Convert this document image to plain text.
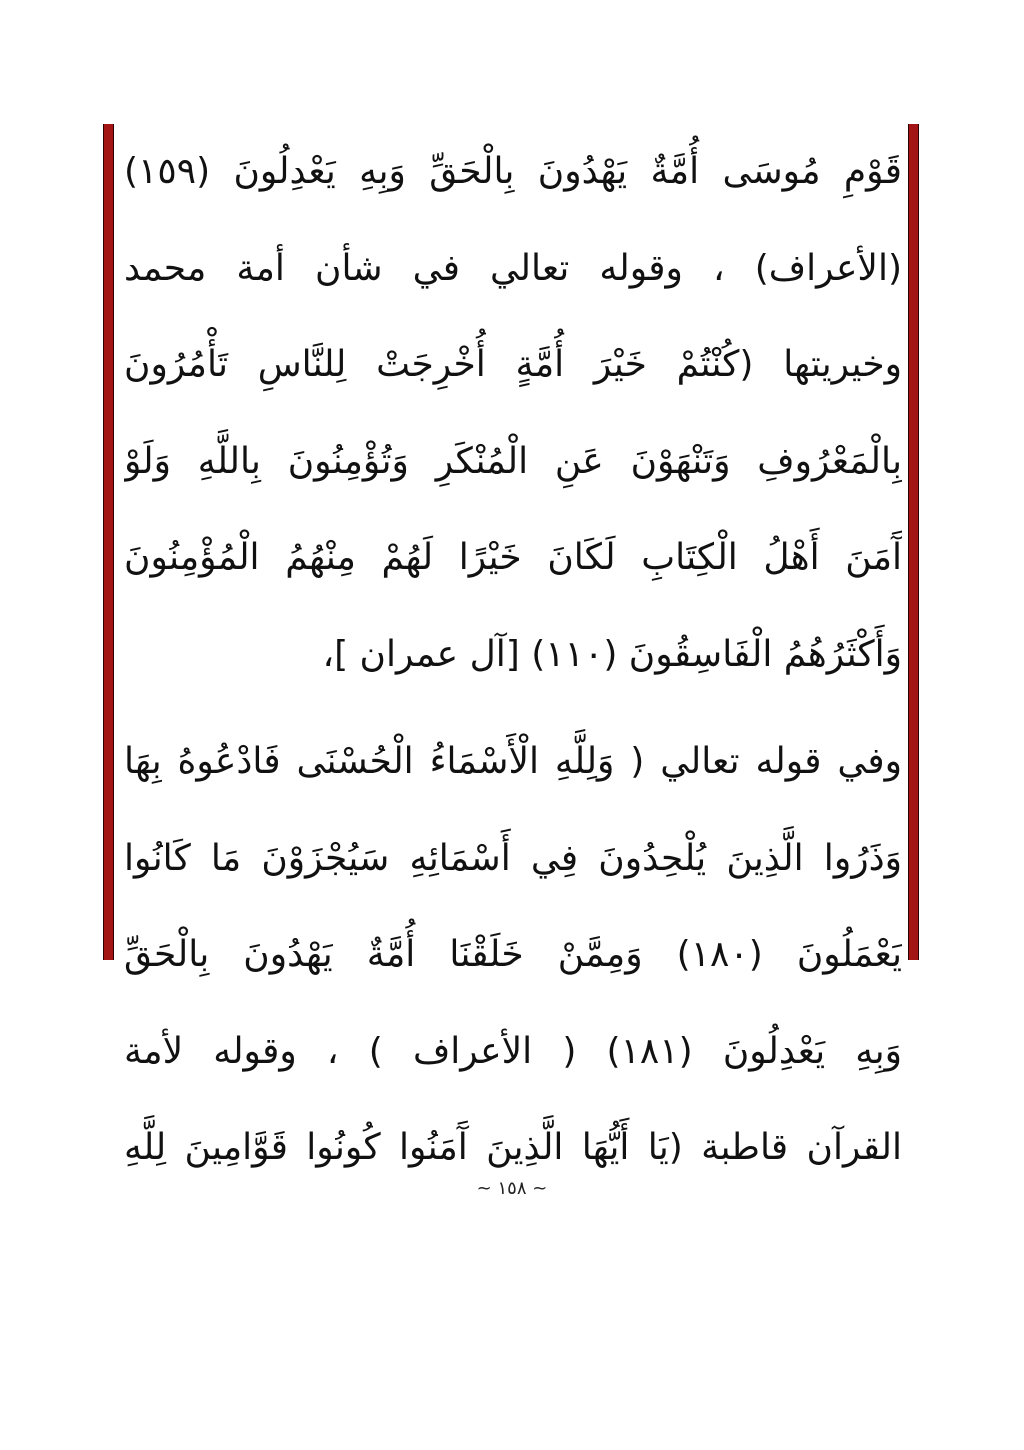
قَوْمِ مُوسَى أُمَّةٌ يَهْدُونَ بِالْحَقِّ وَبِهِ يَعْدِلُونَ (١٥٩)
(الأعراف) ، وقوله تعالي في شأن أمة محمد
وخيريتها (كُنْتُمْ خَيْرَ أُمَّةٍ أُخْرِجَتْ لِلنَّاسِ تَأْمُرُونَ
بِالْمَعْرُوفِ وَتَنْهَوْنَ عَنِ الْمُنْكَرِ وَتُؤْمِنُونَ بِاللَّهِ وَلَوْ
آَمَنَ أَهْلُ الْكِتَابِ لَكَانَ خَيْرًا لَهُمْ مِنْهُمُ الْمُؤْمِنُونَ
وَأَكْثَرُهُمُ الْفَاسِقُونَ (١١٠) [آل عمران ]،
وفي قوله تعالي ( وَلِلَّهِ الْأَسْمَاءُ الْحُسْنَى فَادْعُوهُ بِهَا
وَذَرُوا الَّذِينَ يُلْحِدُونَ فِي أَسْمَائِهِ سَيُجْزَوْنَ مَا كَانُوا
يَعْمَلُونَ (١٨٠) وَمِمَّنْ خَلَقْنَا أُمَّةٌ يَهْدُونَ بِالْحَقِّ
وَبِهِ يَعْدِلُونَ (١٨١) ( الأعراف ) ، وقوله لأمة
القرآن قاطبة (يَا أَيُّهَا الَّذِينَ آَمَنُوا كُونُوا قَوَّامِينَ لِلَّهِ
~ ١٥٨ ~
